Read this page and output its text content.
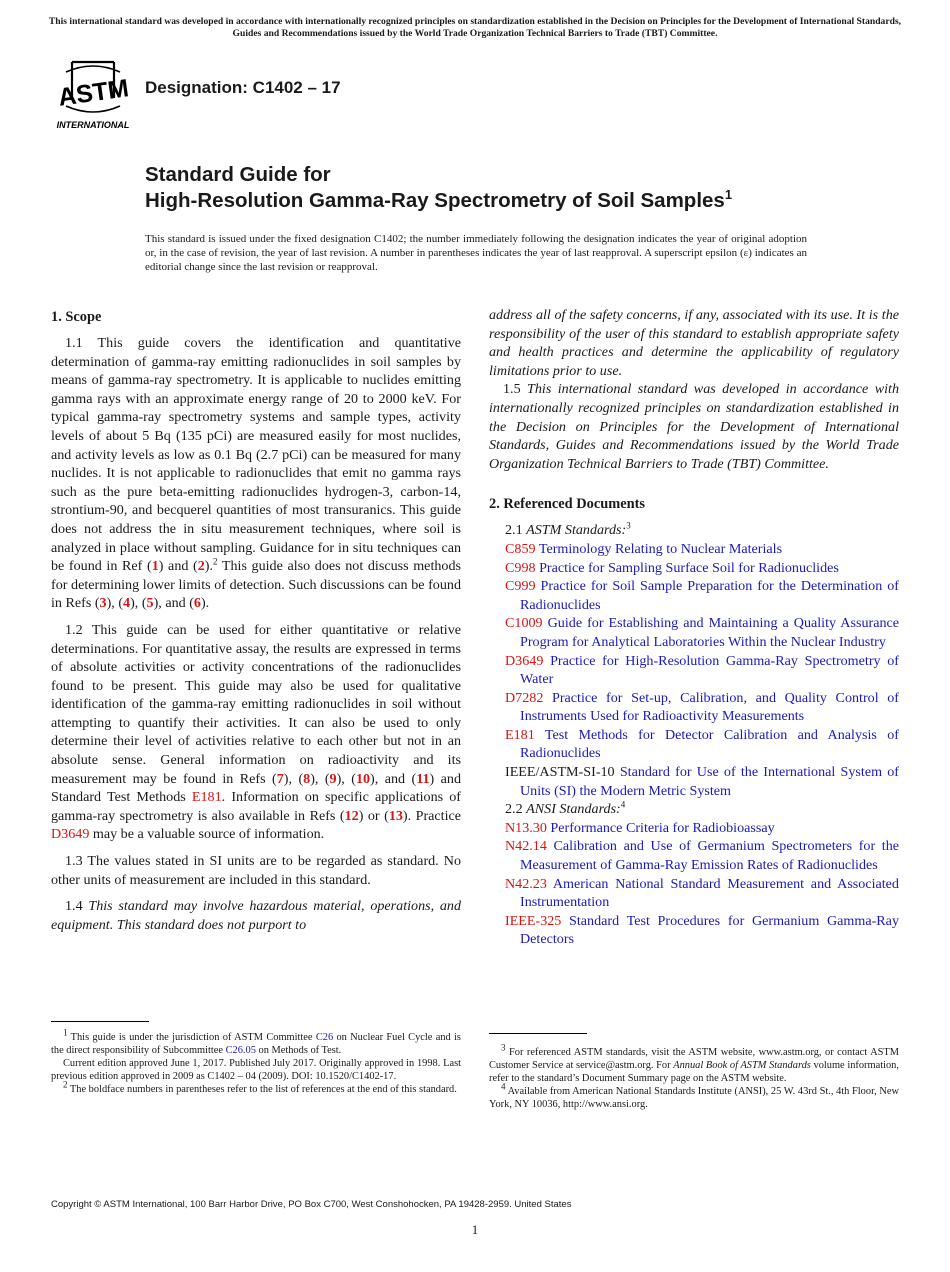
This international standard was developed in accordance with internationally recognized principles on standardization established in the Decision on Principles for the Development of International Standards, Guides and Recommendations issued by the World Trade Organization Technical Barriers to Trade (TBT) Committee.
ASTM
INTERNATIONAL
Designation: C1402 – 17
Standard Guide for
High-Resolution Gamma-Ray Spectrometry of Soil Samples$^1$
This standard is issued under the fixed designation C1402; the number immediately following the designation indicates the year of original adoption or, in the case of revision, the year of last revision. A number in parentheses indicates the year of last reapproval. A superscript epsilon (ε) indicates an editorial change since the last revision or reapproval.
1. Scope

1.1 This guide covers the identification and quantitative determination of gamma-ray emitting radionuclides in soil samples by means of gamma-ray spectrometry. It is applicable to nuclides emitting gamma rays with an approximate energy range of 20 to 2000 keV. For typical gamma-ray spectrometry systems and sample types, activity levels of about 5 Bq (135 pCi) are measured easily for most nuclides, and activity levels as low as 0.1 Bq (2.7 pCi) can be measured for many nuclides. It is not applicable to radionuclides that emit no gamma rays such as the pure beta-emitting radionuclides hydrogen-3, carbon-14, strontium-90, and becquerel quantities of most transuranics. This guide does not address the in situ measurement techniques, where soil is analyzed in place without sampling. Guidance for in situ techniques can be found in Ref (1) and (2).$^2$ This guide also does not discuss methods for determining lower limits of detection. Such discussions can be found in Refs (3), (4), (5), and (6).

1.2 This guide can be used for either quantitative or relative determinations. For quantitative assay, the results are expressed in terms of absolute activities or activity concentrations of the radionuclides found to be present. This guide may also be used for qualitative identification of the gamma-ray emitting radionuclides in soil without attempting to quantify their activities. It can also be used to only determine their level of activities relative to each other but not in an absolute sense. General information on radioactivity and its measurement may be found in Refs (7), (8), (9), (10), and (11) and Standard Test Methods E181. Information on specific applications of gamma-ray spectrometry is also available in Refs (12) or (13). Practice D3649 may be a valuable source of information.

1.3 The values stated in SI units are to be regarded as standard. No other units of measurement are included in this standard.

1.4 This standard may involve hazardous material, operations, and equipment. This standard does not purport to

address all of the safety concerns, if any, associated with its use. It is the responsibility of the user of this standard to establish appropriate safety and health practices and determine the applicability of regulatory limitations prior to use.

1.5 This international standard was developed in accordance with internationally recognized principles on standardization established in the Decision on Principles for the Development of International Standards, Guides and Recommendations issued by the World Trade Organization Technical Barriers to Trade (TBT) Committee.

2. Referenced Documents

2.1 ASTM Standards:$^3$

C859 Terminology Relating to Nuclear Materials

C998 Practice for Sampling Surface Soil for Radionuclides

C999 Practice for Soil Sample Preparation for the Determination of Radionuclides

C1009 Guide for Establishing and Maintaining a Quality Assurance Program for Analytical Laboratories Within the Nuclear Industry

D3649 Practice for High-Resolution Gamma-Ray Spectrometry of Water

D7282 Practice for Set-up, Calibration, and Quality Control of Instruments Used for Radioactivity Measurements

E181 Test Methods for Detector Calibration and Analysis of Radionuclides

IEEE/ASTM-SI-10 Standard for Use of the International System of Units (SI) the Modern Metric System

2.2 ANSI Standards:$^4$

N13.30 Performance Criteria for Radiobioassay

N42.14 Calibration and Use of Germanium Spectrometers for the Measurement of Gamma-Ray Emission Rates of Radionuclides

N42.23 American National Standard Measurement and Associated Instrumentation

IEEE-325 Standard Test Procedures for Germanium Gamma-Ray Detectors

$^1$ This guide is under the jurisdiction of ASTM Committee C26 on Nuclear Fuel Cycle and is the direct responsibility of Subcommittee C26.05 on Methods of Test.

Current edition approved June 1, 2017. Published July 2017. Originally approved in 1998. Last previous edition approved in 2009 as C1402 – 04 (2009). DOI: 10.1520/C1402-17.

$^2$ The boldface numbers in parentheses refer to the list of references at the end of this standard.

$^3$ For referenced ASTM standards, visit the ASTM website, www.astm.org, or contact ASTM Customer Service at service@astm.org. For Annual Book of ASTM Standards volume information, refer to the standard’s Document Summary page on the ASTM website.

$^4$ Available from American National Standards Institute (ANSI), 25 W. 43rd St., 4th Floor, New York, NY 10036, http://www.ansi.org.

Copyright © ASTM International, 100 Barr Harbor Drive, PO Box C700, West Conshohocken, PA 19428-2959. United States
1
